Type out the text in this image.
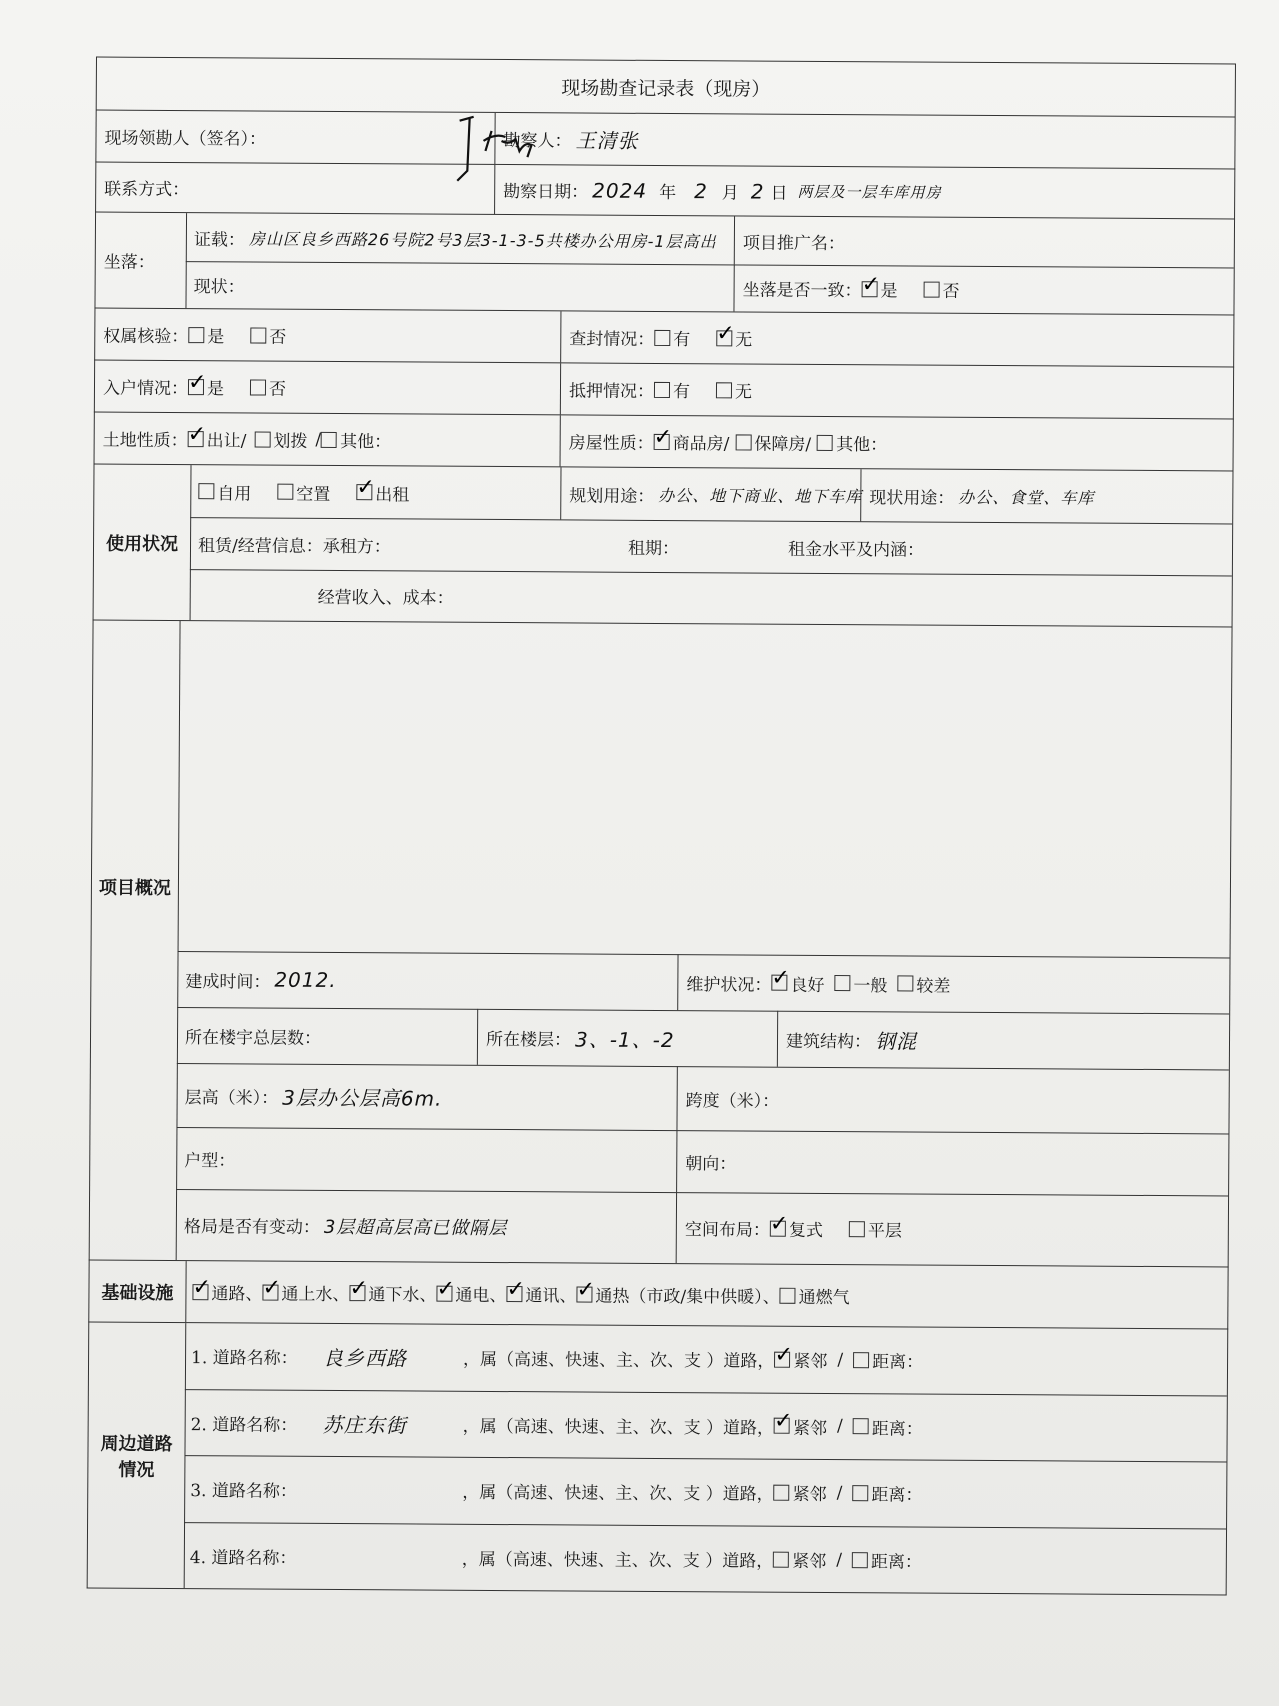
现场勘查记录表（现房）
现场领勘人（签名）：	勘察人： 王清张
联系方式：	勘察日期： 2024 年 2 月 2 日 两层及一层车库用房
坐落：
证载： 房山区良乡西路26号院2号3层3-1-3-5共楼办公用房-1层高出	项目推广名：
现状：	坐落是否一致： ✓ 是	否
权属核验： 是	否	查封情况： 有 ✓	无
入户情况： ✓ 是	否	抵押情况： 有	无
土地性质： ✓ 出让/ 划拨 / 其他：	房屋性质： ✓ 商品房/ 保障房/ 其他：
使用状况
自用	空置 ✓	出租	规划用途： 办公、地下商业、地下车库 现状用途： 办公、食堂、车库
租赁/经营信息：承租方：	租期：	租金水平及内涵：
经营收入、成本：
项目概况
建成时间： 2012.	维护状况： ✓ 良好 一般 较差
所在楼宇总层数：	所在楼层： 3、-1、-2	建筑结构： 钢混
层高（米）： 3层办公层高6m.	跨度（米）：
户型：	朝向：
格局是否有变动： 3层超高层高已做隔层	空间布局： ✓ 复式	平层
基础设施 ✓	通路、 ✓ 通上水、 ✓ 通下水、 ✓ 通电、 ✓ 通讯、 ✓ 通热（市政/集中供暖）、 通燃气
周边道路
情况
1. 道路名称：	良乡西路	，属（高速、快速、主、次、支 ）道路， ✓ 紧邻 / 距离：
2. 道路名称：	苏庄东街	，属（高速、快速、主、次、支 ）道路， ✓ 紧邻 / 距离：
3. 道路名称：	，属（高速、快速、主、次、支 ）道路， 紧邻 / 距离：
4. 道路名称：	，属（高速、快速、主、次、支 ）道路， 紧邻 / 距离：
